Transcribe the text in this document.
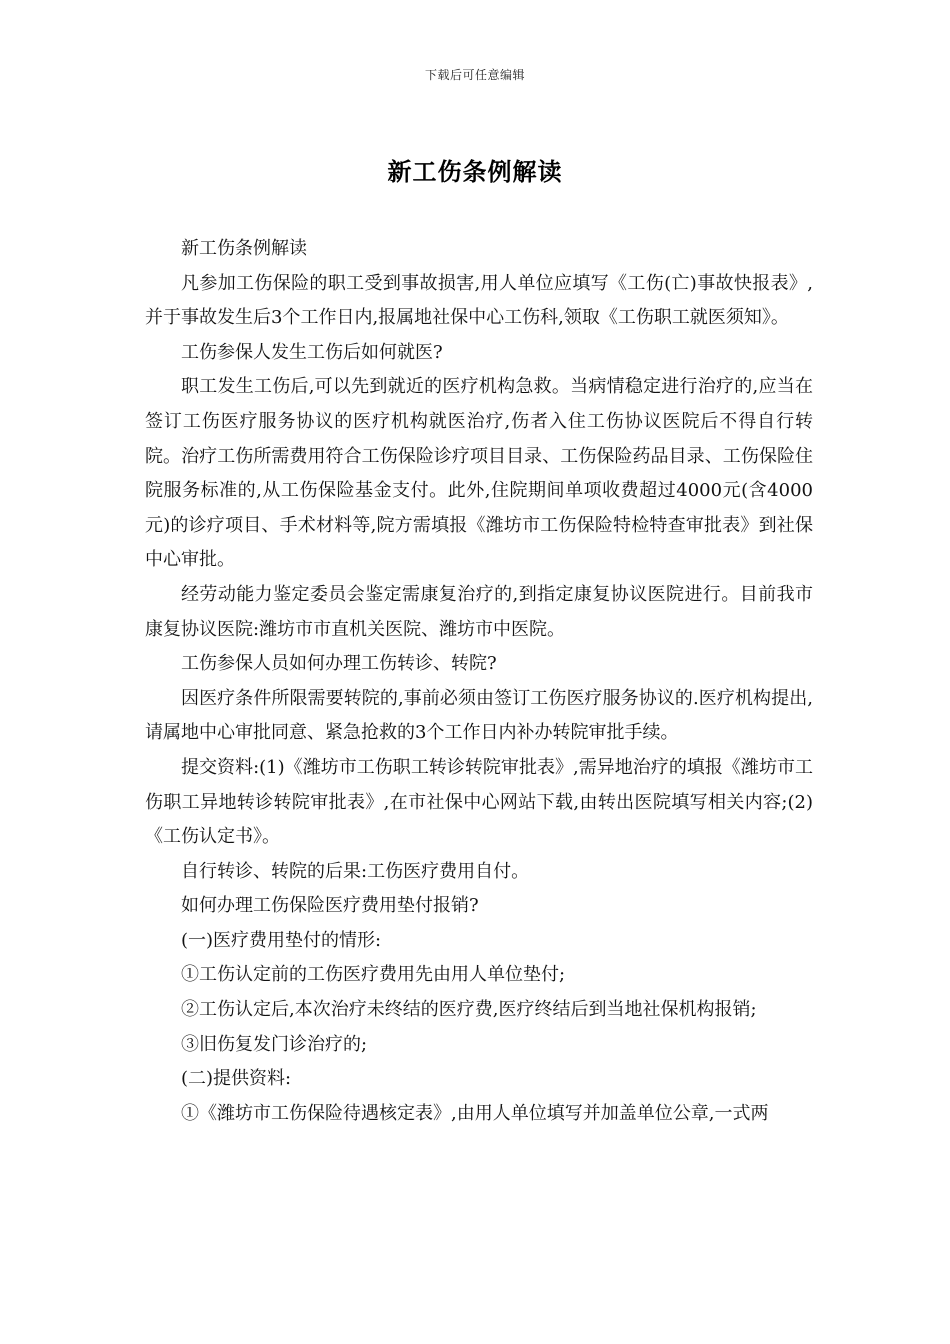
下载后可任意编辑
新工伤条例解读

新工伤条例解读

凡参加工伤保险的职工受到事故损害,用人单位应填写《工伤(亡)事故快报表》,并于事故发生后3个工作日内,报属地社保中心工伤科,领取《工伤职工就医须知》。

工伤参保人发生工伤后如何就医?

职工发生工伤后,可以先到就近的医疗机构急救。当病情稳定进行治疗的,应当在签订工伤医疗服务协议的医疗机构就医治疗,伤者入住工伤协议医院后不得自行转院。治疗工伤所需费用符合工伤保险诊疗项目目录、工伤保险药品目录、工伤保险住院服务标准的,从工伤保险基金支付。此外,住院期间单项收费超过4000元(含4000元)的诊疗项目、手术材料等,院方需填报《潍坊市工伤保险特检特查审批表》到社保中心审批。

经劳动能力鉴定委员会鉴定需康复治疗的,到指定康复协议医院进行。目前我市康复协议医院:潍坊市市直机关医院、潍坊市中医院。

工伤参保人员如何办理工伤转诊、转院?

因医疗条件所限需要转院的,事前必须由签订工伤医疗服务协议的.医疗机构提出,请属地中心审批同意、紧急抢救的3个工作日内补办转院审批手续。

提交资料:(1)《潍坊市工伤职工转诊转院审批表》,需异地治疗的填报《潍坊市工伤职工异地转诊转院审批表》,在市社保中心网站下载,由转出医院填写相关内容;(2)《工伤认定书》。

自行转诊、转院的后果:工伤医疗费用自付。

如何办理工伤保险医疗费用垫付报销?

(一)医疗费用垫付的情形:

①工伤认定前的工伤医疗费用先由用人单位垫付;

②工伤认定后,本次治疗未终结的医疗费,医疗终结后到当地社保机构报销;

③旧伤复发门诊治疗的;

(二)提供资料:

①《潍坊市工伤保险待遇核定表》,由用人单位填写并加盖单位公章,一式两
